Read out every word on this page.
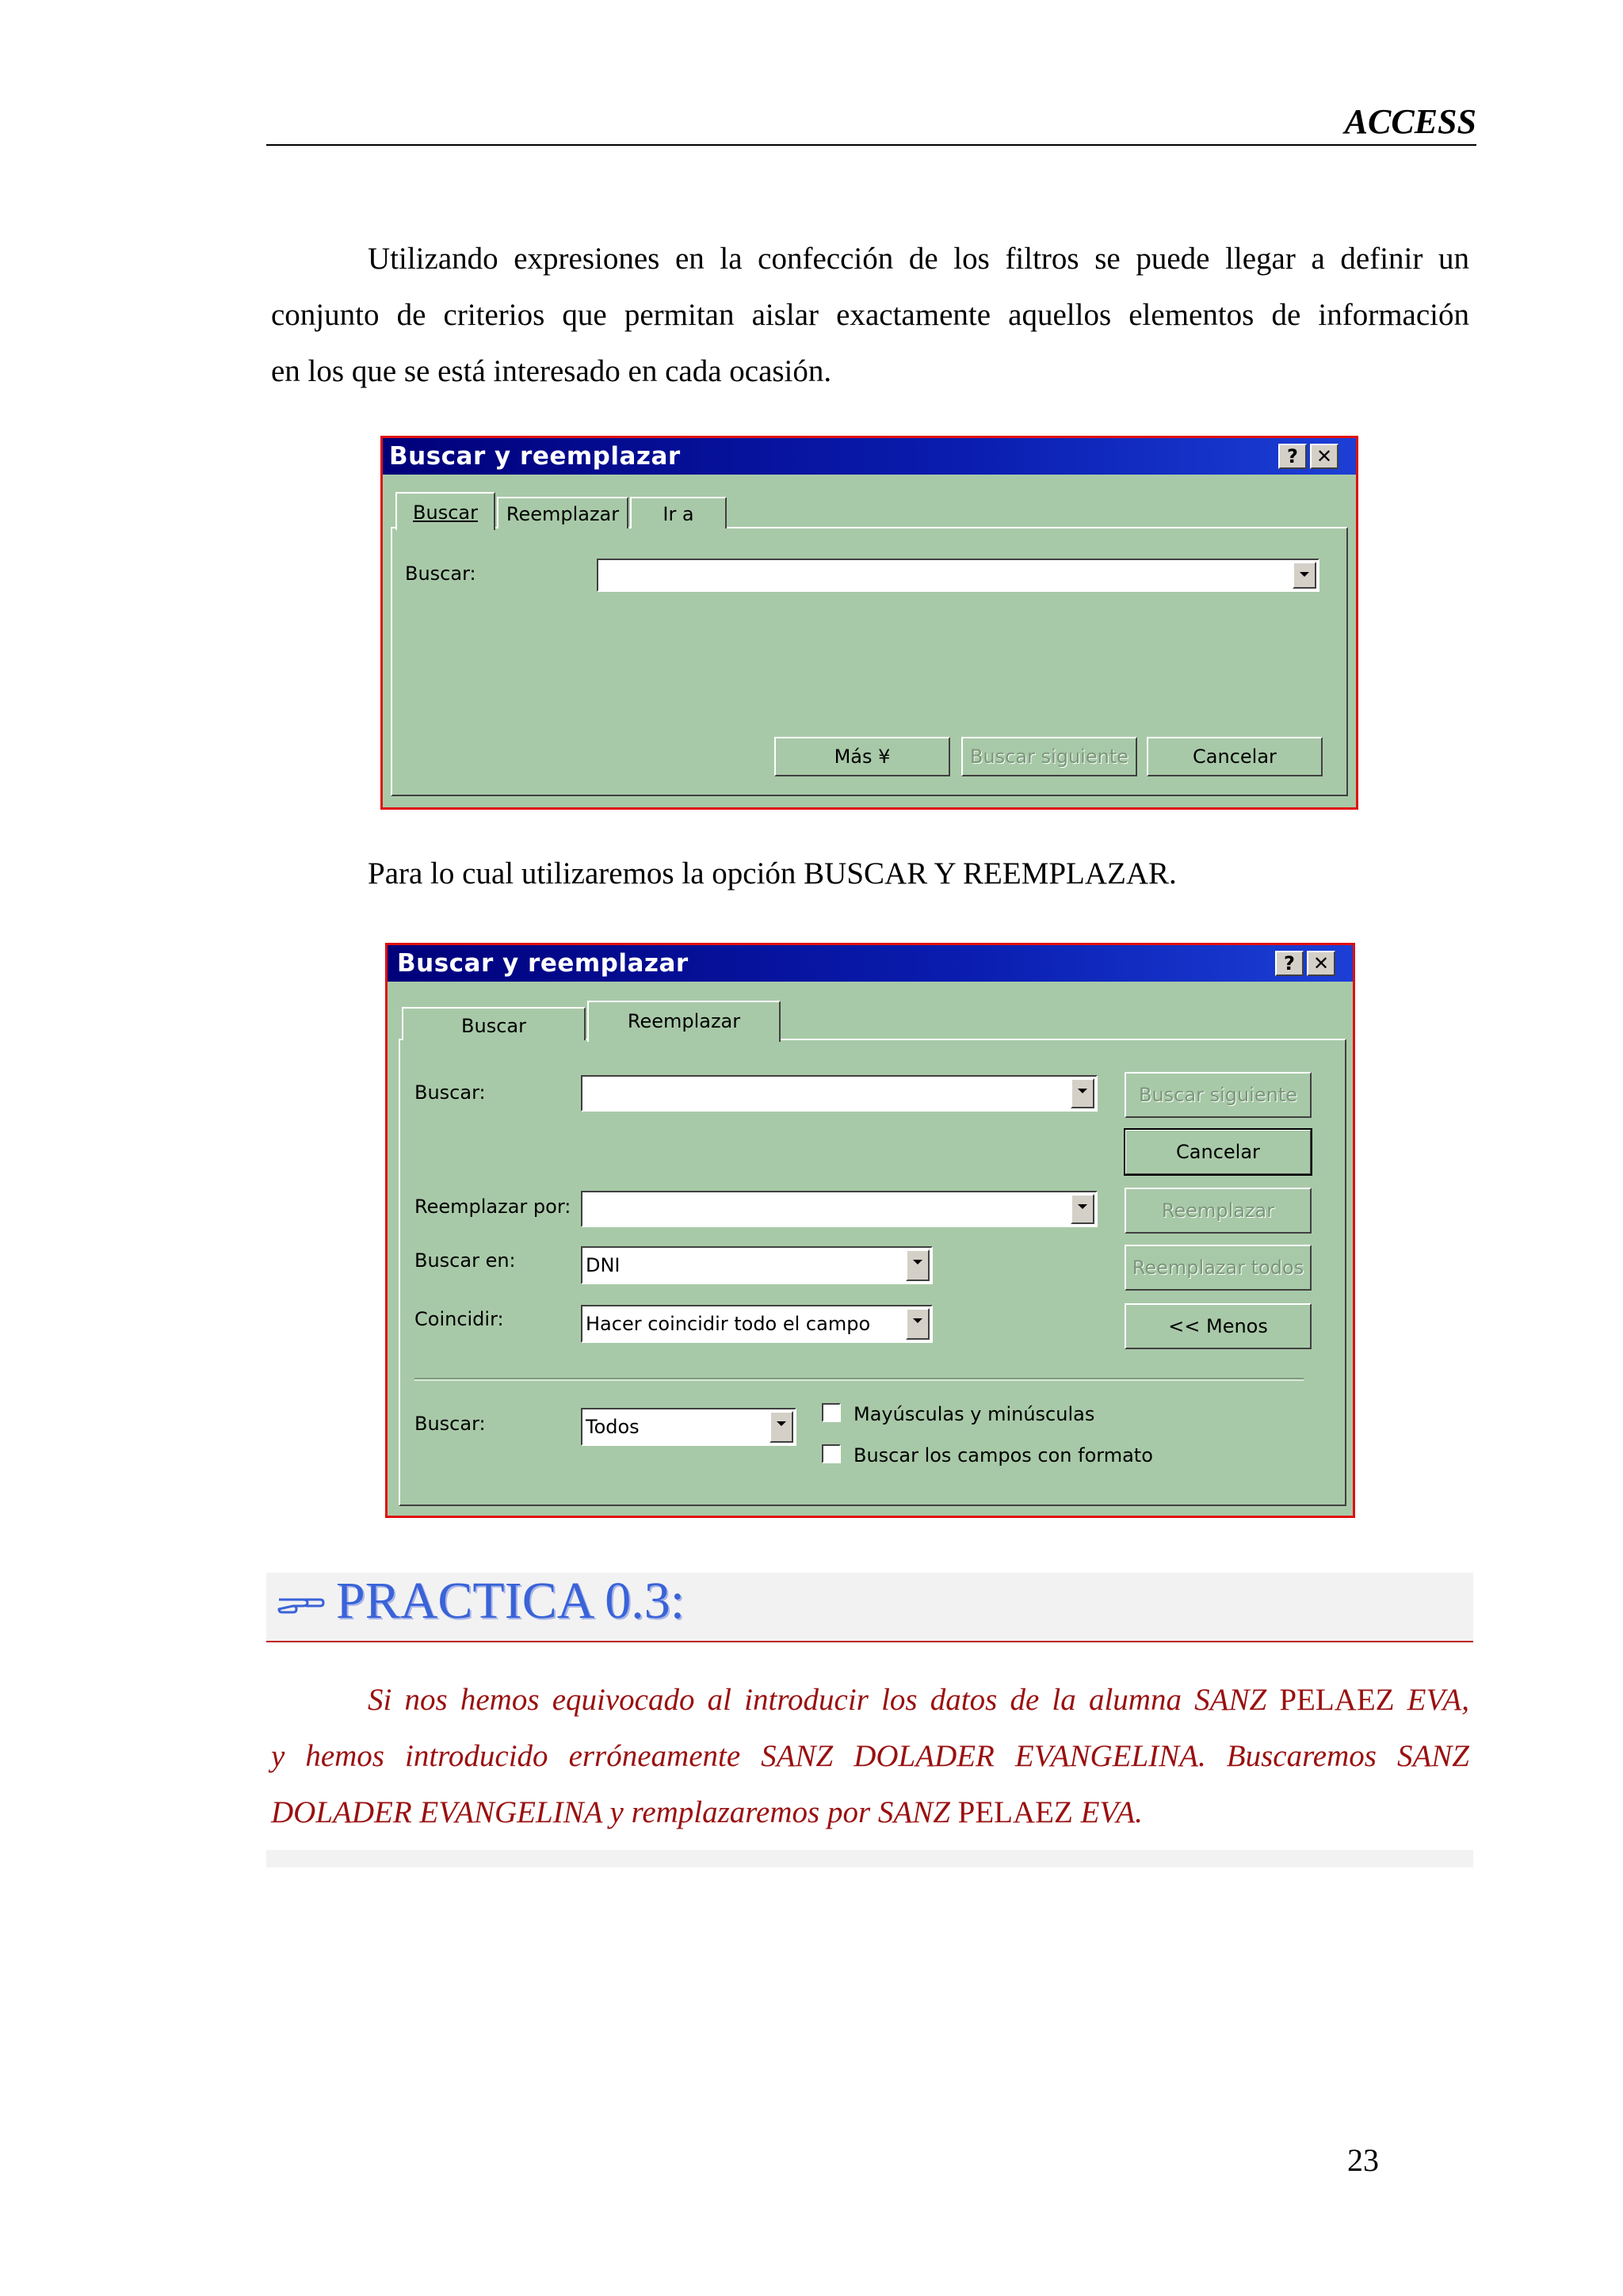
ACCESS
Utilizando expresiones en la confección de los filtros se puede llegar a definir un
conjunto de criterios que permitan aislar exactamente aquellos elementos de información
en los que se está interesado en cada ocasión.
Buscar y reemplazar	? ✕
Buscar	Reemplazar	Ir a
Buscar:
Más ¥	Buscar siguiente	Cancelar
Para lo cual utilizaremos la opción BUSCAR Y REEMPLAZAR.
Buscar y reemplazar	? ✕
Buscar	Reemplazar
Buscar:
Reemplazar por:
Buscar en:	DNI
Coincidir:	Hacer coincidir todo el campo
Buscar:	Todos
Mayúsculas y minúsculas
Buscar los campos con formato
Buscar siguiente
Cancelar
Reemplazar
Reemplazar todos
<< Menos
PRACTICA 0.3:
Si nos hemos equivocado al introducir los datos de la alumna SANZ PELAEZ EVA,
y hemos introducido erróneamente SANZ DOLADER EVANGELINA. Buscaremos SANZ
DOLADER EVANGELINA y remplazaremos por SANZ PELAEZ EVA.
23
